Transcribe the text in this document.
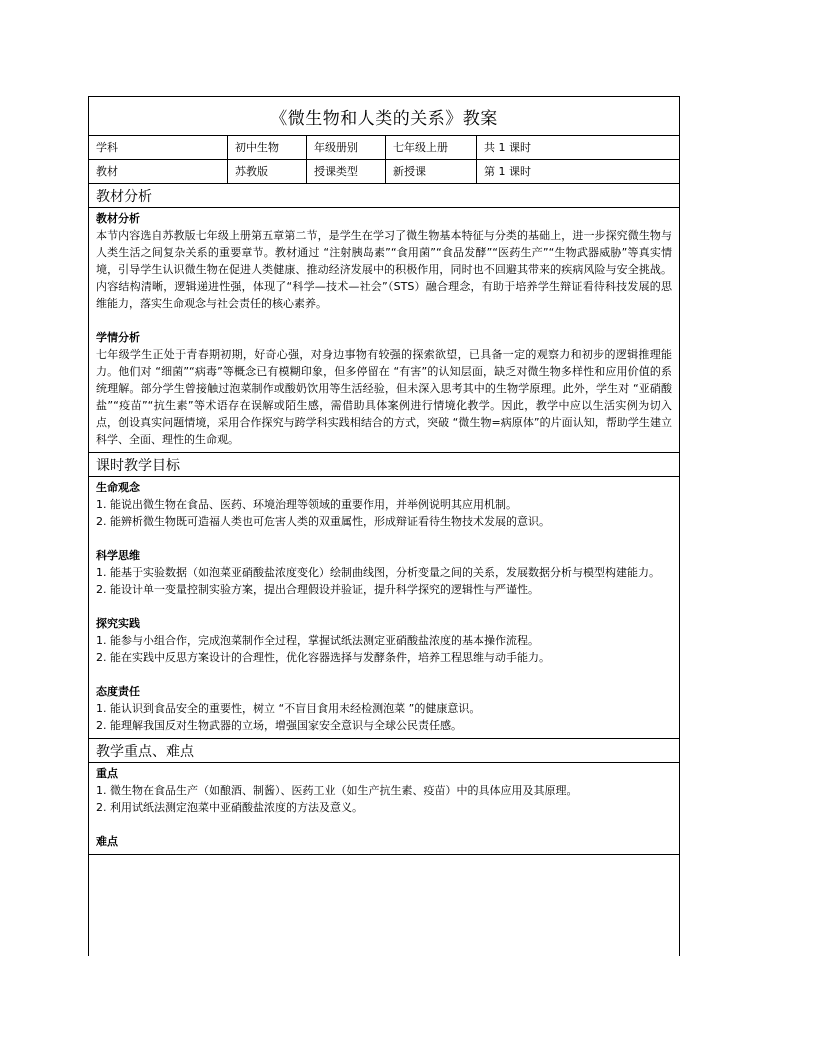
《微生物和人类的关系》教案
学科	初中生物	年级册别	七年级上册	共 1 课时
教材	苏教版	授课类型	新授课	第 1 课时
教材分析

教材分析

本节内容选自苏教版七年级上册第五章第二节，是学生在学习了微生物基本特征与分类的基础上，进一步探究微生物与人类生活之间复杂关系的重要章节。教材通过 “注射胰岛素”“食用菌”“食品发酵”“医药生产”“生物武器威胁”等真实情境，引导学生认识微生物在促进人类健康、推动经济发展中的积极作用，同时也不回避其带来的疾病风险与安全挑战。内容结构清晰，逻辑递进性强，体现了“科学—技术—社会”（STS）融合理念，有助于培养学生辩证看待科技发展的思维能力，落实生命观念与社会责任的核心素养。

学情分析

七年级学生正处于青春期初期，好奇心强，对身边事物有较强的探索欲望，已具备一定的观察力和初步的逻辑推理能力。他们对 “细菌”“病毒”等概念已有模糊印象，但多停留在 “有害”的认知层面，缺乏对微生物多样性和应用价值的系统理解。部分学生曾接触过泡菜制作或酸奶饮用等生活经验，但未深入思考其中的生物学原理。此外，学生对 “亚硝酸盐”“疫苗”“抗生素”等术语存在误解或陌生感，需借助具体案例进行情境化教学。因此，教学中应以生活实例为切入点，创设真实问题情境，采用合作探究与跨学科实践相结合的方式，突破 “微生物=病原体”的片面认知，帮助学生建立科学、全面、理性的生命观。

课时教学目标

生命观念

1. 能说出微生物在食品、医药、环境治理等领域的重要作用，并举例说明其应用机制。
2. 能辨析微生物既可造福人类也可危害人类的双重属性，形成辩证看待生物技术发展的意识。

科学思维

1. 能基于实验数据（如泡菜亚硝酸盐浓度变化）绘制曲线图，分析变量之间的关系，发展数据分析与模型构建能力。
2. 能设计单一变量控制实验方案，提出合理假设并验证，提升科学探究的逻辑性与严谨性。

探究实践

1. 能参与小组合作，完成泡菜制作全过程，掌握试纸法测定亚硝酸盐浓度的基本操作流程。
2. 能在实践中反思方案设计的合理性，优化容器选择与发酵条件，培养工程思维与动手能力。

态度责任

1. 能认识到食品安全的重要性，树立 “不盲目食用未经检测泡菜 ”的健康意识。
2. 能理解我国反对生物武器的立场，增强国家安全意识与全球公民责任感。
教学重点、难点

重点

1. 微生物在食品生产（如酿酒、制酱）、医药工业（如生产抗生素、疫苗）中的具体应用及其原理。
2. 利用试纸法测定泡菜中亚硝酸盐浓度的方法及意义。

难点
